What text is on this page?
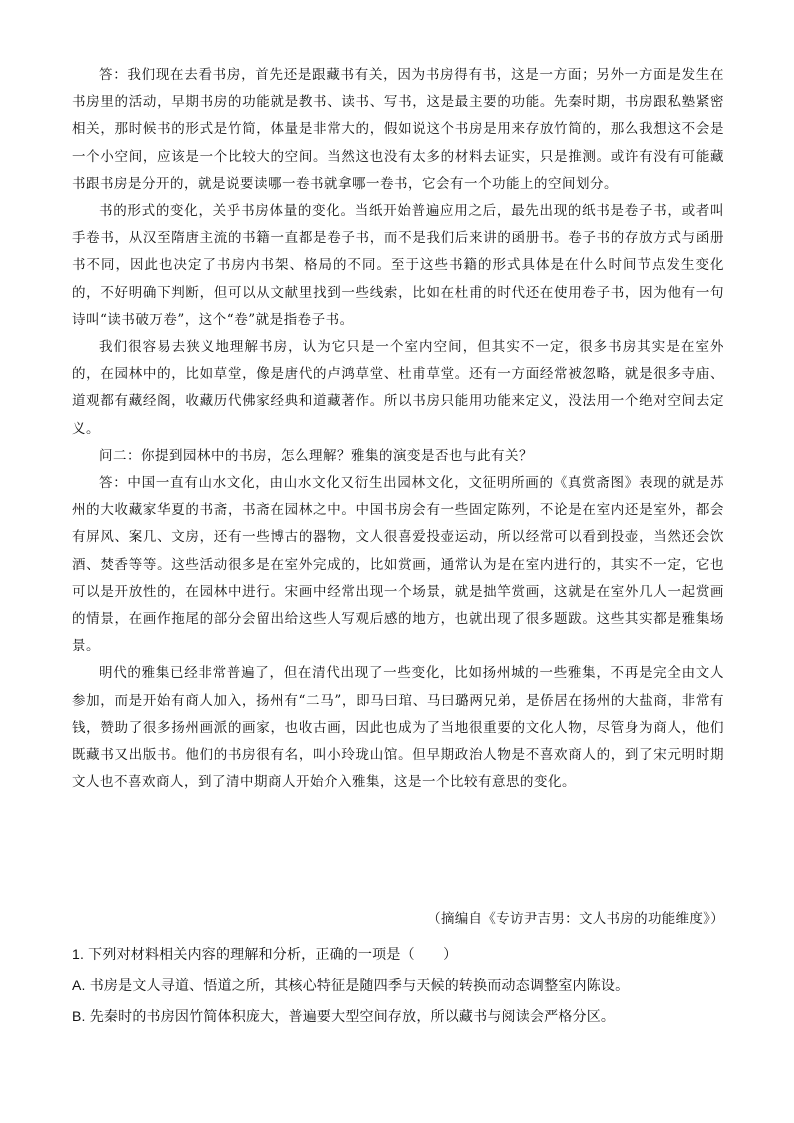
答：我们现在去看书房，首先还是跟藏书有关，因为书房得有书，这是一方面；另外一方面是发生在书房里的活动，早期书房的功能就是教书、读书、写书，这是最主要的功能。先秦时期，书房跟私塾紧密相关，那时候书的形式是竹简，体量是非常大的，假如说这个书房是用来存放竹简的，那么我想这不会是一个小空间，应该是一个比较大的空间。当然这也没有太多的材料去证实，只是推测。或许有没有可能藏书跟书房是分开的，就是说要读哪一卷书就拿哪一卷书，它会有一个功能上的空间划分。

书的形式的变化，关乎书房体量的变化。当纸开始普遍应用之后，最先出现的纸书是卷子书，或者叫手卷书，从汉至隋唐主流的书籍一直都是卷子书，而不是我们后来讲的函册书。卷子书的存放方式与函册书不同，因此也决定了书房内书架、格局的不同。至于这些书籍的形式具体是在什么时间节点发生变化的，不好明确下判断，但可以从文献里找到一些线索，比如在杜甫的时代还在使用卷子书，因为他有一句诗叫“读书破万卷”，这个“卷”就是指卷子书。

我们很容易去狭义地理解书房，认为它只是一个室内空间，但其实不一定，很多书房其实是在室外的，在园林中的，比如草堂，像是唐代的卢鸿草堂、杜甫草堂。还有一方面经常被忽略，就是很多寺庙、道观都有藏经阁，收藏历代佛家经典和道藏著作。所以书房只能用功能来定义，没法用一个绝对空间去定义。

问二：你提到园林中的书房，怎么理解？雅集的演变是否也与此有关？

答：中国一直有山水文化，由山水文化又衍生出园林文化，文征明所画的《真赏斋图》表现的就是苏州的大收藏家华夏的书斋，书斋在园林之中。中国书房会有一些固定陈列，不论是在室内还是室外，都会有屏风、案几、文房，还有一些博古的器物，文人很喜爱投壶运动，所以经常可以看到投壶，当然还会饮酒、焚香等等。这些活动很多是在室外完成的，比如赏画，通常认为是在室内进行的，其实不一定，它也可以是开放性的，在园林中进行。宋画中经常出现一个场景，就是拙竿赏画，这就是在室外几人一起赏画的情景，在画作拖尾的部分会留出给这些人写观后感的地方，也就出现了很多题跋。这些其实都是雅集场景。

明代的雅集已经非常普遍了，但在清代出现了一些变化，比如扬州城的一些雅集，不再是完全由文人参加，而是开始有商人加入，扬州有“二马”，即马曰琯、马曰璐两兄弟，是侨居在扬州的大盐商，非常有钱，赞助了很多扬州画派的画家，也收古画，因此也成为了当地很重要的文化人物，尽管身为商人，他们既藏书又出版书。他们的书房很有名，叫小玲珑山馆。但早期政治人物是不喜欢商人的，到了宋元明时期文人也不喜欢商人，到了清中期商人开始介入雅集，这是一个比较有意思的变化。

（摘编自《专访尹吉男：文人书房的功能维度》）

1. 下列对材料相关内容的理解和分析，正确的一项是（　　）

A. 书房是文人寻道、悟道之所，其核心特征是随四季与天候的转换而动态调整室内陈设。

B. 先秦时的书房因竹简体积庞大，普遍要大型空间存放，所以藏书与阅读会严格分区。
